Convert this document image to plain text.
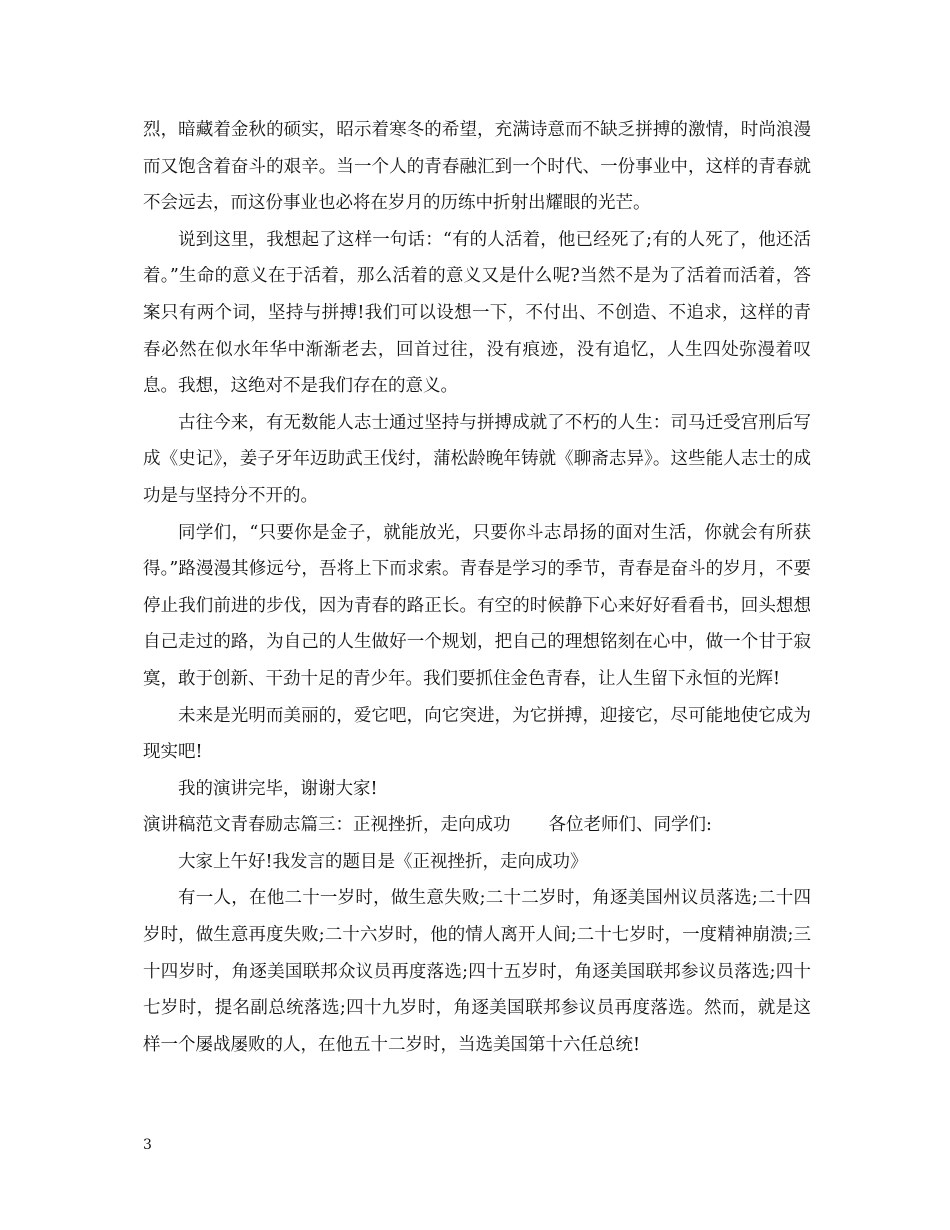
烈，暗藏着金秋的硕实，昭示着寒冬的希望，充满诗意而不缺乏拼搏的激情，时尚浪漫而又饱含着奋斗的艰辛。当一个人的青春融汇到一个时代、一份事业中，这样的青春就不会远去，而这份事业也必将在岁月的历练中折射出耀眼的光芒。

说到这里，我想起了这样一句话：“有的人活着，他已经死了;有的人死了，他还活着。”生命的意义在于活着，那么活着的意义又是什么呢?当然不是为了活着而活着，答案只有两个词，坚持与拼搏!我们可以设想一下，不付出、不创造、不追求，这样的青春必然在似水年华中渐渐老去，回首过往，没有痕迹，没有追忆，人生四处弥漫着叹息。我想，这绝对不是我们存在的意义。

古往今来，有无数能人志士通过坚持与拼搏成就了不朽的人生：司马迁受宫刑后写成《史记》，姜子牙年迈助武王伐纣，蒲松龄晚年铸就《聊斋志异》。这些能人志士的成功是与坚持分不开的。

同学们，“只要你是金子，就能放光，只要你斗志昂扬的面对生活，你就会有所获得。”路漫漫其修远兮，吾将上下而求索。青春是学习的季节，青春是奋斗的岁月，不要停止我们前进的步伐，因为青春的路正长。有空的时候静下心来好好看看书，回头想想自己走过的路，为自己的人生做好一个规划，把自己的理想铭刻在心中，做一个甘于寂寞，敢于创新、干劲十足的青少年。我们要抓住金色青春，让人生留下永恒的光辉!

未来是光明而美丽的，爱它吧，向它突进，为它拼搏，迎接它，尽可能地使它成为现实吧!

我的演讲完毕，谢谢大家!

演讲稿范文青春励志篇三：正视挫折，走向成功 各位老师们、同学们:

大家上午好!我发言的题目是《正视挫折，走向成功》

有一人，在他二十一岁时，做生意失败;二十二岁时，角逐美国州议员落选;二十四岁时，做生意再度失败;二十六岁时，他的情人离开人间;二十七岁时，一度精神崩溃;三十四岁时，角逐美国联邦众议员再度落选;四十五岁时，角逐美国联邦参议员落选;四十七岁时，提名副总统落选;四十九岁时，角逐美国联邦参议员再度落选。然而，就是这样一个屡战屡败的人，在他五十二岁时，当选美国第十六任总统!

3
